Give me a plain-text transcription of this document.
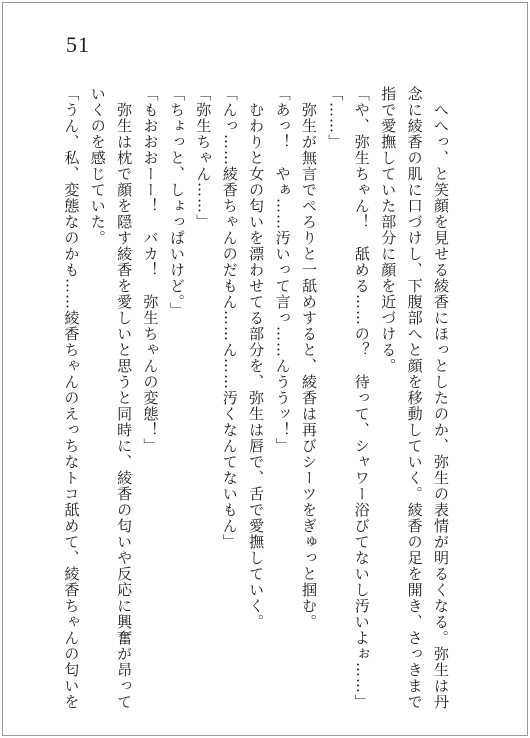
51
　へへっ、と笑顔を見せる綾香にほっとしたのか、弥生の表情が明るくなる。弥生は丹
念に綾香の肌に口づけし、下腹部へと顔を移動していく。綾香の足を開き、さっきまで
指で愛撫していた部分に顔を近づける。
「や、弥生ちゃん！　舐める……の？　待って、シャワー浴びてないし汚いよぉ……」
「……」
　弥生が無言でぺろりと一舐めすると、綾香は再びシーツをぎゅっと掴む。
「あっ！　やぁ……汚いって言っ……んううッ！」
　むわりと女の匂いを漂わせてる部分を、弥生は唇で、舌で愛撫していく。
「んっ……綾香ちゃんのだもん……ん……汚くなんてないもん」
「弥生ちゃん……」
「ちょっと、しょっぱいけど。」
「もおおおーー！　バカ！　弥生ちゃんの変態！」
　弥生は枕で顔を隠す綾香を愛しいと思うと同時に、綾香の匂いや反応に興奮が昂って
いくのを感じていた。
「うん、私、変態なのかも……綾香ちゃんのえっちなトコ舐めて、綾香ちゃんの匂いを
